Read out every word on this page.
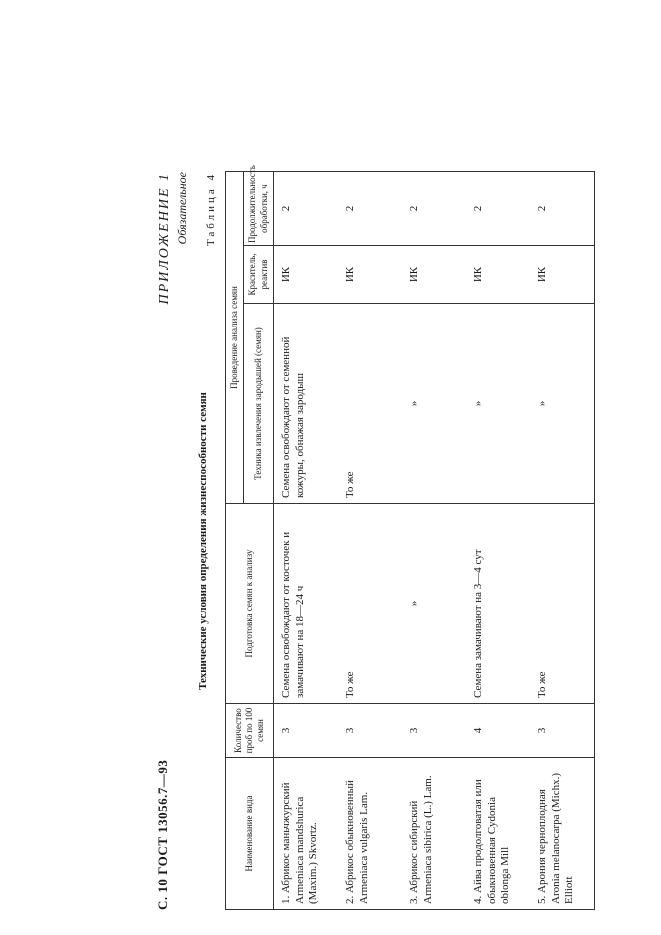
С. 10 ГОСТ 13056.7—93
ПРИЛОЖЕНИЕ 1 Обязательное
Технические условия определения жизнеспособности семян
Таблица 4
Наименование вида	Количество проб по 100 семян	Подготовка семян к анализу	Проведение анализа семян		
			Техника извлечения зародышей (семян)	Краситель, реактив	Продолжительность обработки, ч
1. Абрикос маньчжурский Armeniaca mandshurica (Maxim.) Skvortz.	3	Семена освобождают от косточек и замачивают на 18—24 ч	Семена освобождают от семенной кожуры, обнажая зародыш	ИК	2
2. Абрикос обыкновенный Armeniaca vulgaris Lam.	3	То же	То же	ИК	2
3. Абрикос сибирский Armeniaca sibirica (L.) Lam.	3	»	»	ИК	2
4. Айва продолговатая или обыкновенная Cydonia oblonga Mill	4	Семена замачивают на 3—4 сут	»	ИК	2
5. Арония черноплодная Aronia melanocarpa (Michx.) Elliott	3	То же	»	ИК	2
